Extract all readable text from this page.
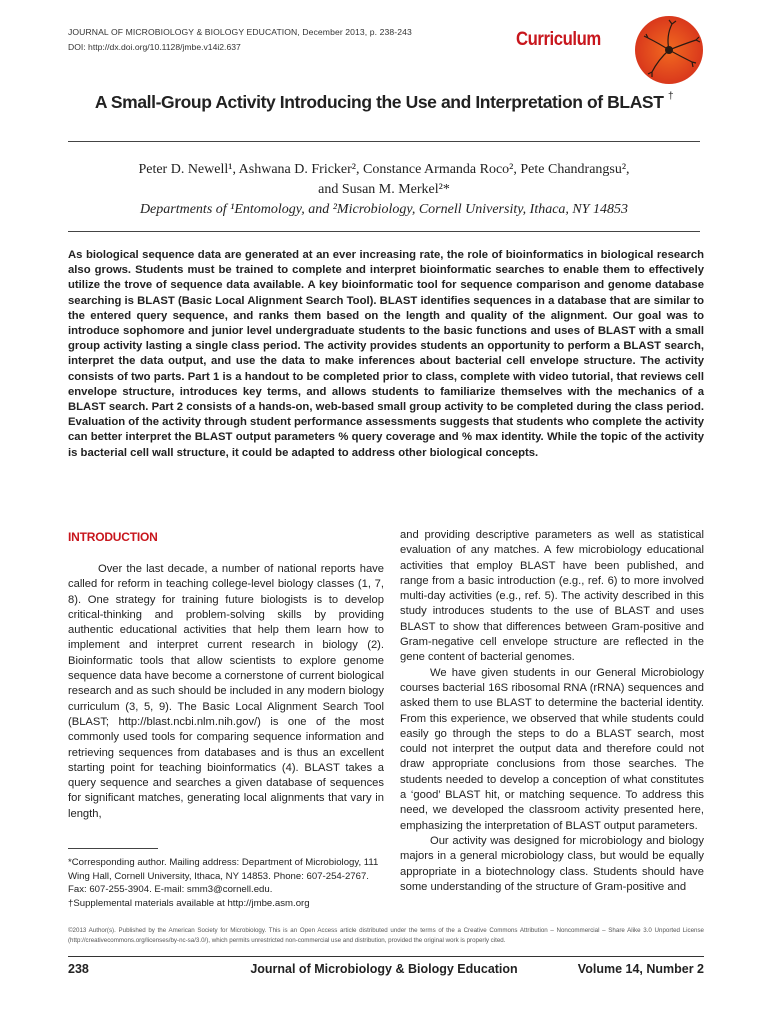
JOURNAL OF MICROBIOLOGY & BIOLOGY EDUCATION, December 2013, p. 238-243
DOI: http://dx.doi.org/10.1128/jmbe.v14i2.637	Curriculum
A Small-Group Activity Introducing the Use and Interpretation of BLAST †
Peter D. Newell¹, Ashwana D. Fricker², Constance Armanda Roco², Pete Chandrangsu²,
and Susan M. Merkel²*
Departments of ¹Entomology, and ²Microbiology, Cornell University, Ithaca, NY 14853
As biological sequence data are generated at an ever increasing rate, the role of bioinformatics in biological research also grows. Students must be trained to complete and interpret bioinformatic searches to enable them to effectively utilize the trove of sequence data available. A key bioinformatic tool for sequence comparison and genome database searching is BLAST (Basic Local Alignment Search Tool). BLAST identifies sequences in a database that are similar to the entered query sequence, and ranks them based on the length and quality of the alignment. Our goal was to introduce sophomore and junior level undergraduate students to the basic functions and uses of BLAST with a small group activity lasting a single class period. The activity provides students an opportunity to perform a BLAST search, interpret the data output, and use the data to make inferences about bacterial cell envelope structure. The activity consists of two parts. Part 1 is a handout to be completed prior to class, complete with video tutorial, that reviews cell envelope structure, introduces key terms, and allows students to familiarize themselves with the mechanics of a BLAST search. Part 2 consists of a hands-on, web-based small group activity to be completed during the class period. Evaluation of the activity through student performance assessments suggests that students who complete the activity can better interpret the BLAST output parameters % query coverage and % max identity. While the topic of the activity is bacterial cell wall structure, it could be adapted to address other biological concepts.
INTRODUCTION

Over the last decade, a number of national reports have called for reform in teaching college-level biology classes (1, 7, 8). One strategy for training future biologists is to develop critical-thinking and problem-solving skills by providing authentic educational activities that help them learn how to implement and interpret current research in biology (2). Bioinformatic tools that allow scientists to explore genome sequence data have become a cornerstone of current biological research and as such should be included in any modern biology curriculum (3, 5, 9). The Basic Local Alignment Search Tool (BLAST; http://blast.ncbi.nlm.nih.gov/) is one of the most commonly used tools for comparing sequence information and retrieving sequences from databases and is thus an excellent starting point for teaching bioinformatics (4). BLAST takes a query sequence and searches a given database of sequences for significant matches, generating local alignments that vary in length,

and providing descriptive parameters as well as statistical evaluation of any matches. A few microbiology educational activities that employ BLAST have been published, and range from a basic introduction (e.g., ref. 6) to more involved multi-day activities (e.g., ref. 5). The activity described in this study introduces students to the use of BLAST and uses BLAST to show that differences between Gram-positive and Gram-negative cell envelope structure are reflected in the gene content of bacterial genomes.

We have given students in our General Microbiology courses bacterial 16S ribosomal RNA (rRNA) sequences and asked them to use BLAST to determine the bacterial identity. From this experience, we observed that while students could easily go through the steps to do a BLAST search, most could not interpret the output data and therefore could not draw appropriate conclusions from those searches. The students needed to develop a conception of what constitutes a ‘good’ BLAST hit, or matching sequence. To address this need, we developed the classroom activity presented here, emphasizing the interpretation of BLAST output parameters.

Our activity was designed for microbiology and biology majors in a general microbiology class, but would be equally appropriate in a biotechnology class. Students should have some understanding of the structure of Gram-positive and

*Corresponding author. Mailing address: Department of Microbiology, 111 Wing Hall, Cornell University, Ithaca, NY 14853. Phone: 607-254-2767. Fax: 607-255-3904. E-mail: smm3@cornell.edu.
†Supplemental materials available at http://jmbe.asm.org
©2013 Author(s). Published by the American Society for Microbiology. This is an Open Access article distributed under the terms of the a Creative Commons Attribution – Noncommercial – Share Alike 3.0 Unported License (http://creativecommons.org/licenses/by-nc-sa/3.0/), which permits unrestricted non-commercial use and distribution, provided the original work is properly cited.
238	Journal of Microbiology & Biology Education	Volume 14, Number 2
